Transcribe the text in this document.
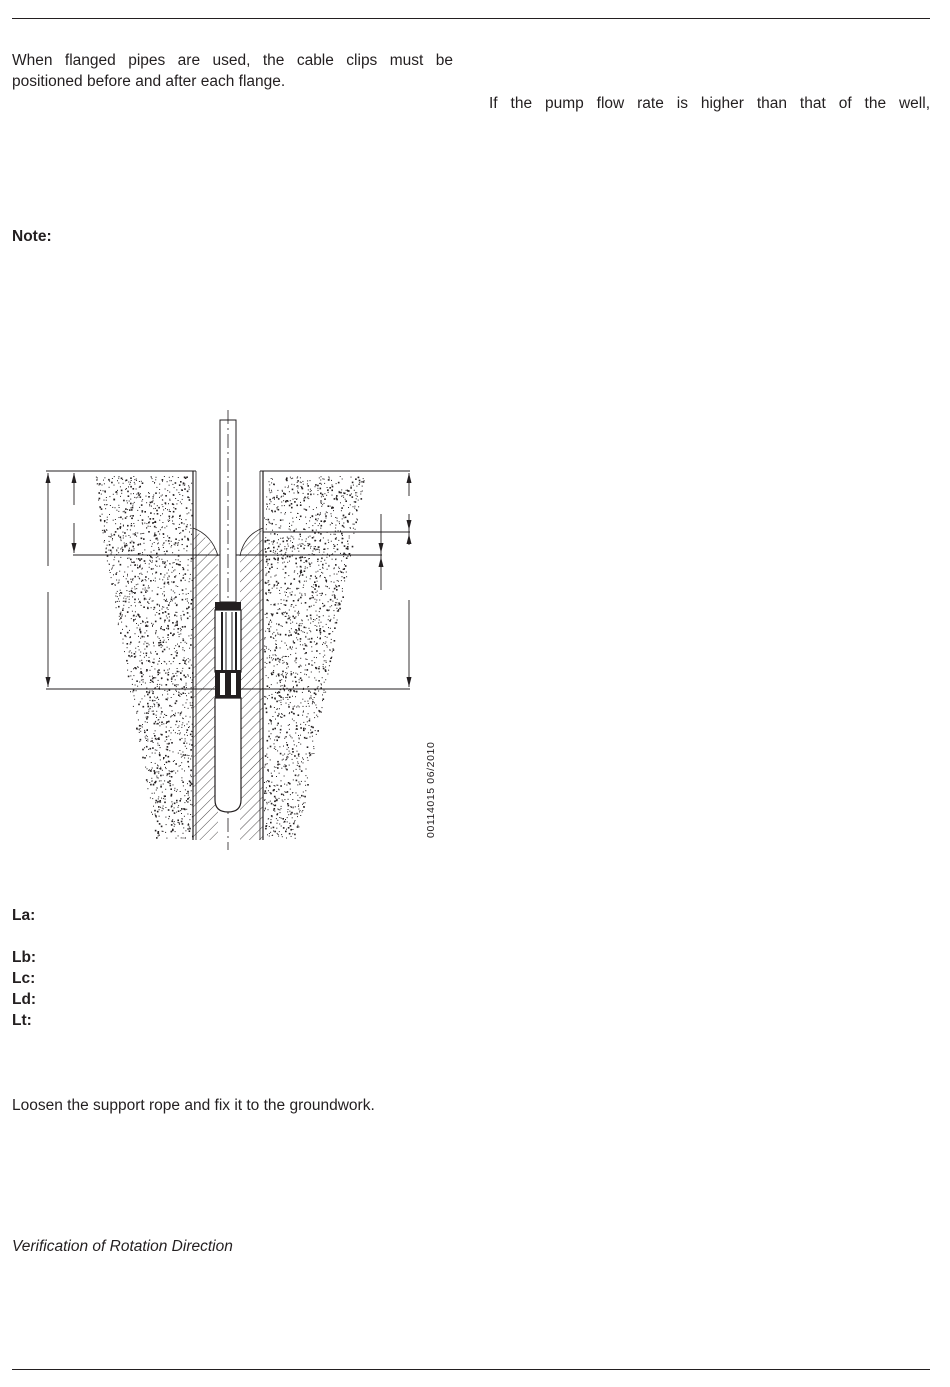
When flanged pipes are used, the cable clips must be

positioned before and after each flange.

If the pump flow rate is higher than that of the well,

Note:

00114015 06/2010

La:

Lb:

Lc:

Ld:

Lt:

Loosen the support rope and fix it to the groundwork.

Verification of Rotation Direction
